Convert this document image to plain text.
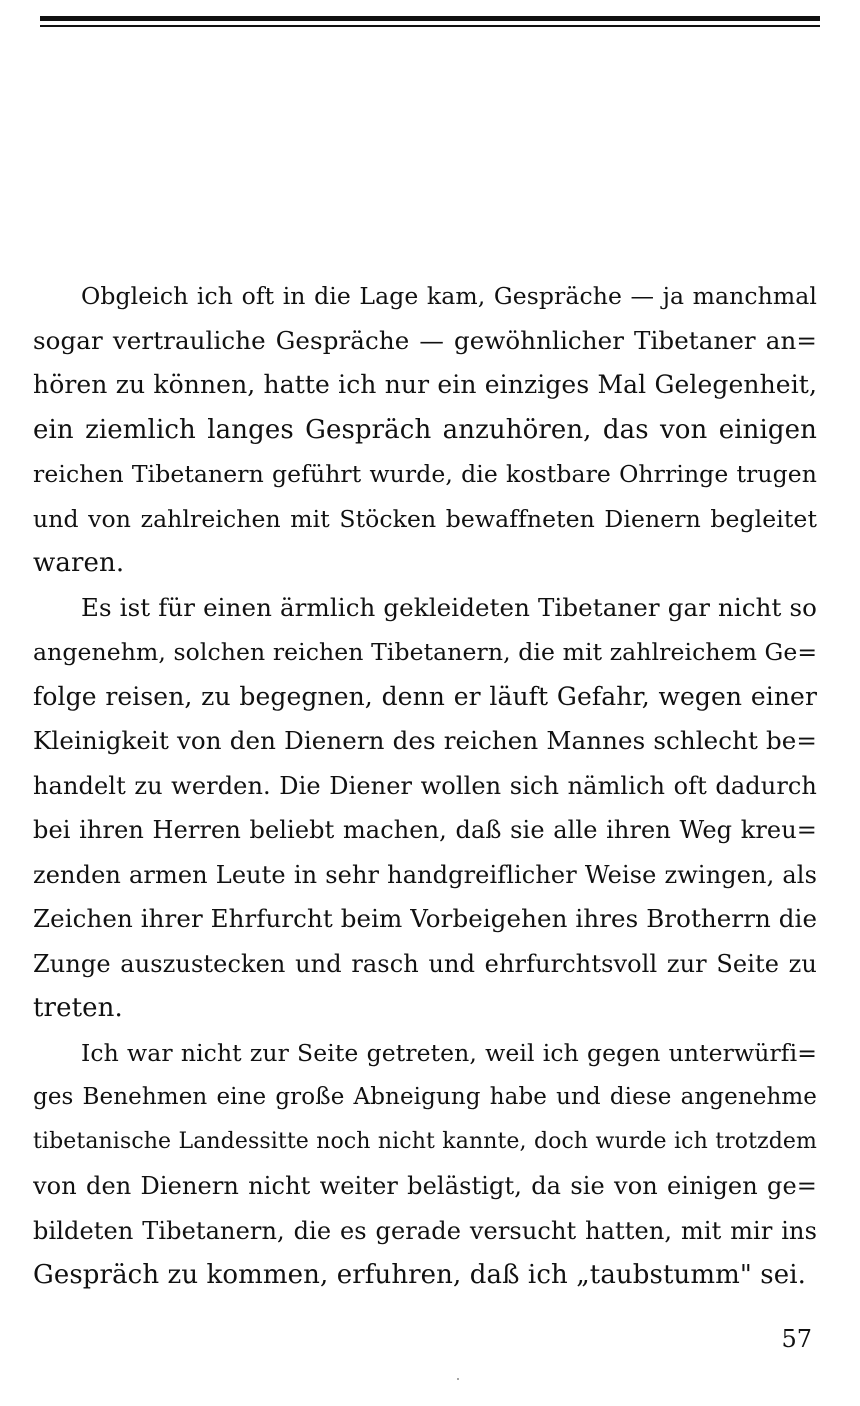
Obgleich ich oft in die Lage kam, Gespräche — ja manchmal
sogar vertrauliche Gespräche — gewöhnlicher Tibetaner an=
hören zu können, hatte ich nur ein einziges Mal Gelegenheit,
ein ziemlich langes Gespräch anzuhören, das von einigen
reichen Tibetanern geführt wurde, die kostbare Ohrringe trugen
und von zahlreichen mit Stöcken bewaffneten Dienern begleitet
waren.
Es ist für einen ärmlich gekleideten Tibetaner gar nicht so
angenehm, solchen reichen Tibetanern, die mit zahlreichem Ge=
folge reisen, zu begegnen, denn er läuft Gefahr, wegen einer
Kleinigkeit von den Dienern des reichen Mannes schlecht be=
handelt zu werden. Die Diener wollen sich nämlich oft dadurch
bei ihren Herren beliebt machen, daß sie alle ihren Weg kreu=
zenden armen Leute in sehr handgreiflicher Weise zwingen, als
Zeichen ihrer Ehrfurcht beim Vorbeigehen ihres Brotherrn die
Zunge auszustecken und rasch und ehrfurchtsvoll zur Seite zu
treten.
Ich war nicht zur Seite getreten, weil ich gegen unterwürfi=
ges Benehmen eine große Abneigung habe und diese angenehme
tibetanische Landessitte noch nicht kannte, doch wurde ich trotzdem
von den Dienern nicht weiter belästigt, da sie von einigen ge=
bildeten Tibetanern, die es gerade versucht hatten, mit mir ins
Gespräch zu kommen, erfuhren, daß ich „taubstumm" sei.
57
